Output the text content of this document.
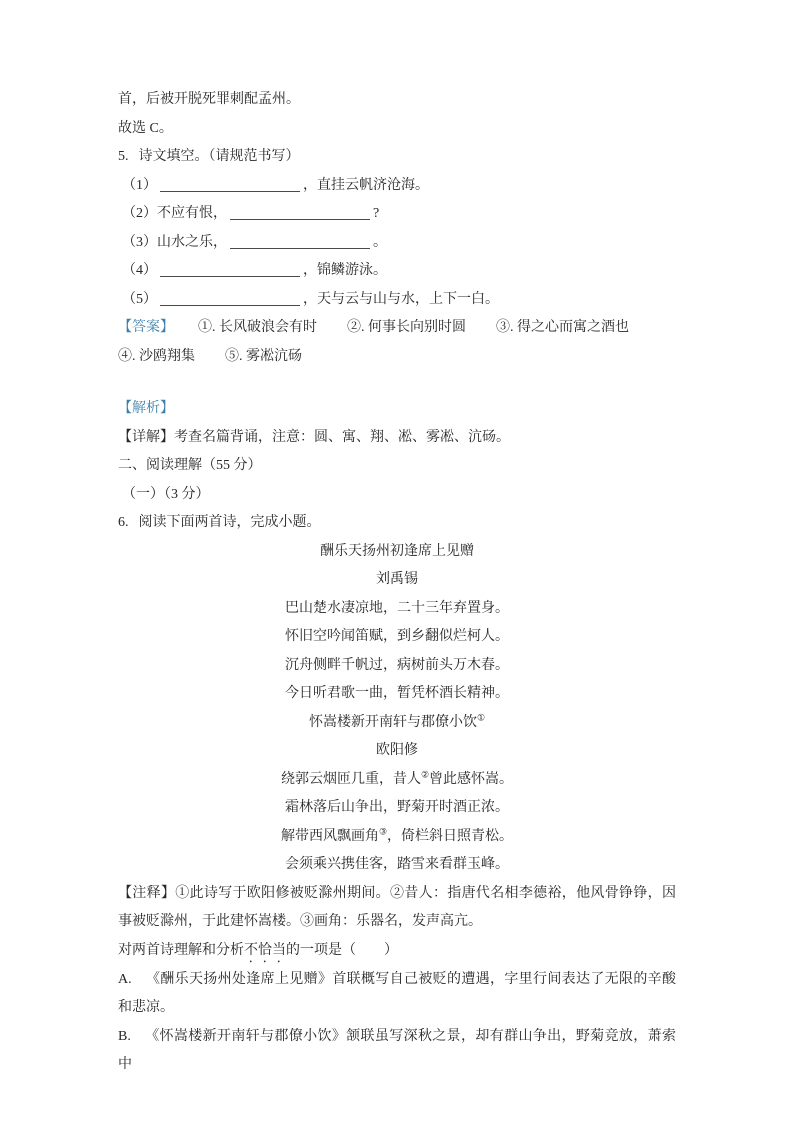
首，后被开脱死罪刺配孟州。

故选 C。

5. 诗文填空。（请规范书写）

（1）	，直挂云帆济沧海。

（2）不应有恨，	?

（3）山水之乐，	。

（4）	，锦鳞游泳。

（5）	，天与云与山与水，上下一白。

【答案】 ①. 长风破浪会有时 ②. 何事长向别时圆 ③. 得之心而寓之酒也

④. 沙鸥翔集 ⑤. 雾凇沆砀

【解析】

【详解】考查名篇背诵，注意：圆、寓、翔、凇、雾凇、沆砀。

二、阅读理解（55 分）

（一）（3 分）

6. 阅读下面两首诗，完成小题。

酬乐天扬州初逢席上见赠

刘禹锡

巴山楚水凄凉地，二十三年弃置身。

怀旧空吟闻笛赋，到乡翻似烂柯人。

沉舟侧畔千帆过，病树前头万木春。

今日听君歌一曲，暂凭杯酒长精神。

怀嵩楼新开南轩与郡僚小饮①

欧阳修

绕郭云烟匝几重，昔人②曾此感怀嵩。

霜林落后山争出，野菊开时酒正浓。

解带西风飘画角③，倚栏斜日照青松。

会须乘兴携佳客，踏雪来看群玉峰。

【注释】①此诗写于欧阳修被贬滁州期间。②昔人：指唐代名相李德裕，他风骨铮铮，因事被贬滁州，于此建怀嵩楼。③画角：乐器名，发声高亢。

对两首诗理解和分析不恰当的一项是（　　）

A. 《酬乐天扬州处逢席上见赠》首联概写自己被贬的遭遇，字里行间表达了无限的辛酸和悲凉。

B. 《怀嵩楼新开南轩与郡僚小饮》颔联虽写深秋之景，却有群山争出，野菊竞放，萧索中
